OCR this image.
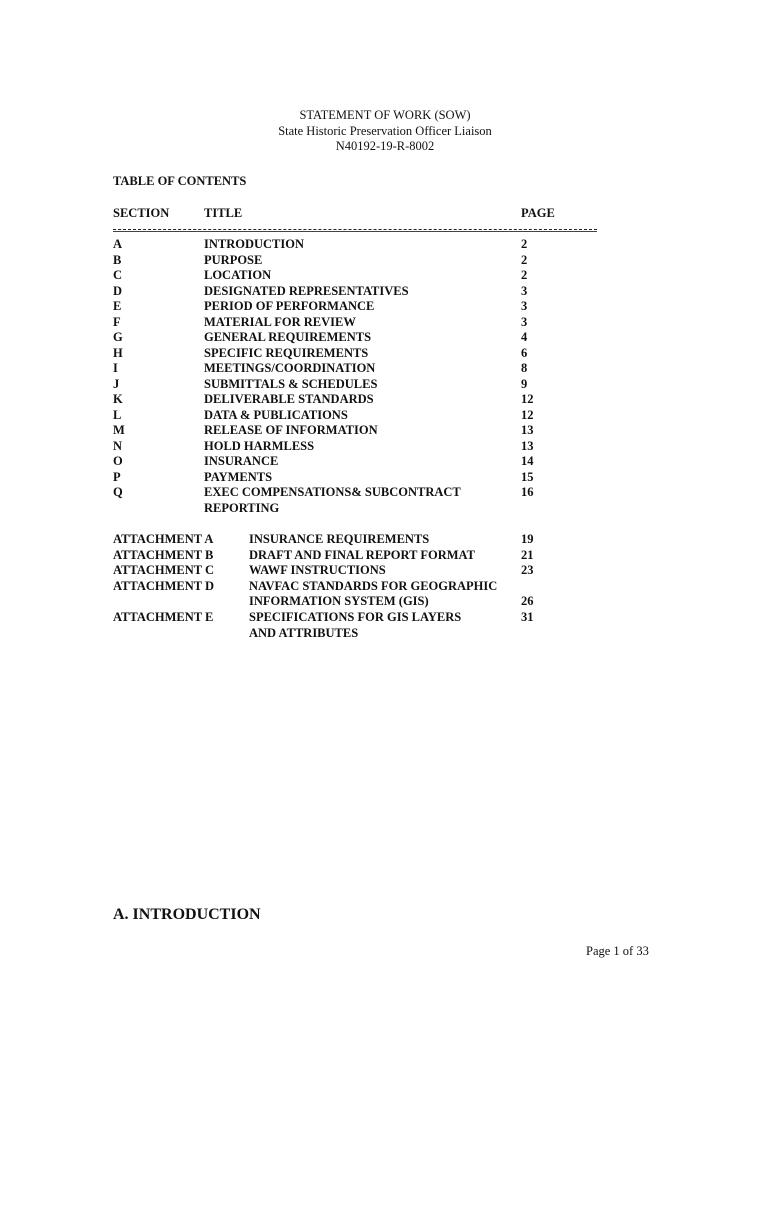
STATEMENT OF WORK (SOW)
State Historic Preservation Officer Liaison
N40192-19-R-8002
TABLE OF CONTENTS
SECTION	TITLE	PAGE
A	INTRODUCTION	2
B	PURPOSE	2
C	LOCATION	2
D	DESIGNATED REPRESENTATIVES	3
E	PERIOD OF PERFORMANCE	3
F	MATERIAL FOR REVIEW	3
G	GENERAL REQUIREMENTS	4
H	SPECIFIC REQUIREMENTS	6
I	MEETINGS/COORDINATION	8
J	SUBMITTALS & SCHEDULES	9
K	DELIVERABLE STANDARDS	12
L	DATA & PUBLICATIONS	12
M	RELEASE OF INFORMATION	13
N	HOLD HARMLESS	13
O	INSURANCE	14
P	PAYMENTS	15
Q	EXEC COMPENSATIONS& SUBCONTRACT	16
REPORTING
ATTACHMENT A	INSURANCE REQUIREMENTS	19
ATTACHMENT B	DRAFT AND FINAL REPORT FORMAT	21
ATTACHMENT C	WAWF INSTRUCTIONS	23
ATTACHMENT D	NAVFAC STANDARDS FOR GEOGRAPHIC
INFORMATION SYSTEM (GIS)	26
ATTACHMENT E	SPECIFICATIONS FOR GIS LAYERS	31
AND ATTRIBUTES
A. INTRODUCTION
Page 1 of 33
